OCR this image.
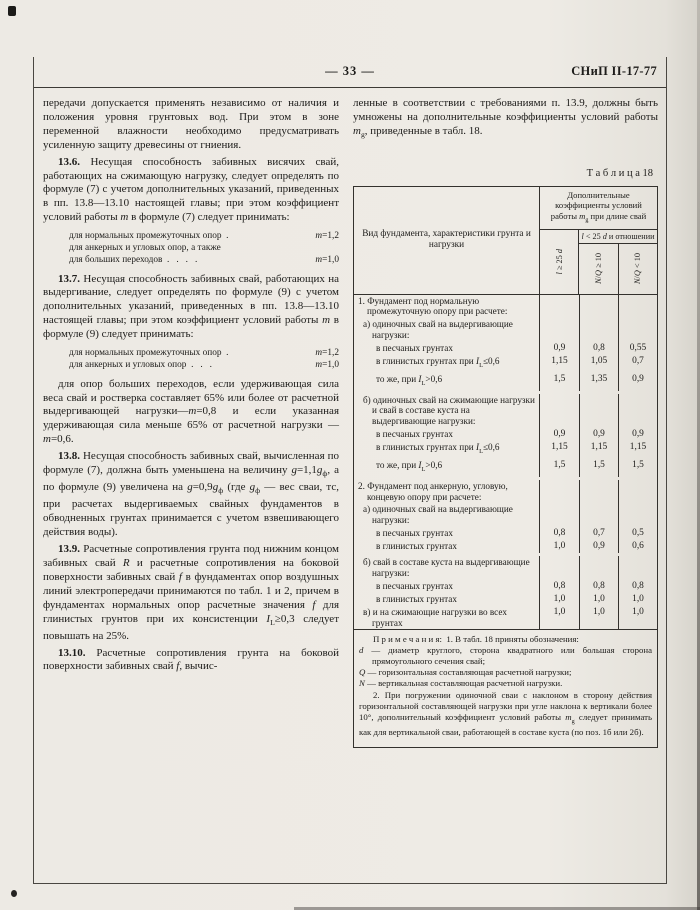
— 33 —	СНиП II-17-77

передачи допускается применять независимо от наличия и положения уровня грунтовых вод. При этом в зоне переменной влажности необходимо предусматривать усиленную защиту древесины от гниения.

13.6. Несущая способность забивных висячих свай, работающих на сжимающую нагрузку, следует определять по формуле (7) с учетом дополнительных указаний, приведенных в пп. 13.8—13.10 настоящей главы; при этом коэффициент условий работы m в формуле (7) следует принимать:

для нормальных промежуточных опор  .	m=1,2
для анкерных и угловых опор, а также
для больших переходов  .   .   .   .	m=1,0

13.7. Несущая способность забивных свай, работающих на выдергивание, следует определять по формуле (9) с учетом дополнительных указаний, приведенных в пп. 13.8—13.10 настоящей главы; при этом коэффициент условий работы m в формуле (9) следует принимать:

для нормальных промежуточных опор  .	m=1,2
для анкерных и угловых опор  .   .   .	m=1,0

для опор больших переходов, если удерживающая сила веса свай и ростверка составляет 65% или более от расчетной выдергивающей нагрузки—m=0,8 и если указанная удерживающая сила меньше 65% от расчетной нагрузки — m=0,6.

13.8. Несущая способность забивных свай, вычисленная по формуле (7), должна быть уменьшена на величину $g=1,1g_ф$, а по формуле (9) увеличена на $g=0,9g_ф$ (где $g_ф$ — вес сваи, тс, при расчетах выдергиваемых свайных фундаментов в обводненных грунтах принимается с учетом взвешивающего действия воды).

13.9. Расчетные сопротивления грунта под нижним концом забивных свай R и расчетные сопротивления на боковой поверхности забивных свай f в фундаментах опор воздушных линий электропередачи принимаются по табл. 1 и 2, причем в фундаментах нормальных опор расчетные значения f для глинистых грунтов при их консистенции $I_L\ge 0,3$ следует повышать на 25%.

13.10. Расчетные сопротивления грунта на боковой поверхности забивных свай f, вычис-

ленные в соответствии с требованиями п. 13.9, должны быть умножены на дополнительные коэффициенты условий работы $m_g$, приведенные в табл. 18.

Т а б л и ц а 18
Вид фундамента, характеристики грунта и нагрузки
Дополнительные коэффициенты условий работы $m_g$ при длине свай
l ≥ 25 d
l < 25 d и отношении
N/Q ≥ 10
N/Q < 10
1. Фундамент под нормальную промежуточную опору при расчете:
а) одиночных свай на выдергивающие нагрузки:
в песчаных грунтах	0,9	0,8	0,55
в глинистых грунтах при $I_L\le 0,6$	1,15	1,05	0,7
то же, при $I_L>0,6$	1,5	1,35	0,9
б) одиночных свай на сжимающие нагрузки и свай в составе куста на выдергивающие нагрузки:
в песчаных грунтах	0,9	0,9	0,9
в глинистых грунтах при $I_L\le 0,6$	1,15	1,15	1,15
то же, при $I_L>0,6$	1,5	1,5	1,5
2. Фундамент под анкерную, угловую, концевую опору при расчете:
а) одиночных свай на выдергивающие нагрузки:
в песчаных грунтах	0,8	0,7	0,5
в глинистых грунтах	1,0	0,9	0,6
б) свай в составе куста на выдергивающие нагрузки:
в песчаных грунтах	0,8	0,8	0,8
в глинистых грунтах	1,0	1,0	1,0
в) и на сжимающие нагрузки во всех грунтах
1,0	1,0	1,0
П р и м е ч а н и я:  1. В табл. 18 приняты обозначения:
d — диаметр круглого, сторона квадратного или большая сторона прямоугольного сечения свай;
Q — горизонтальная составляющая расчетной нагрузки;
N — вертикальная составляющая расчетной нагрузки.
2. При погружении одиночной сваи с наклоном в сторону действия горизонтальной составляющей нагрузки при угле наклона к вертикали более 10°, дополнительный коэффициент условий работы $m_g$ следует принимать как для вертикальной сваи, работающей в составе куста (по поз. 1б или 2б).
